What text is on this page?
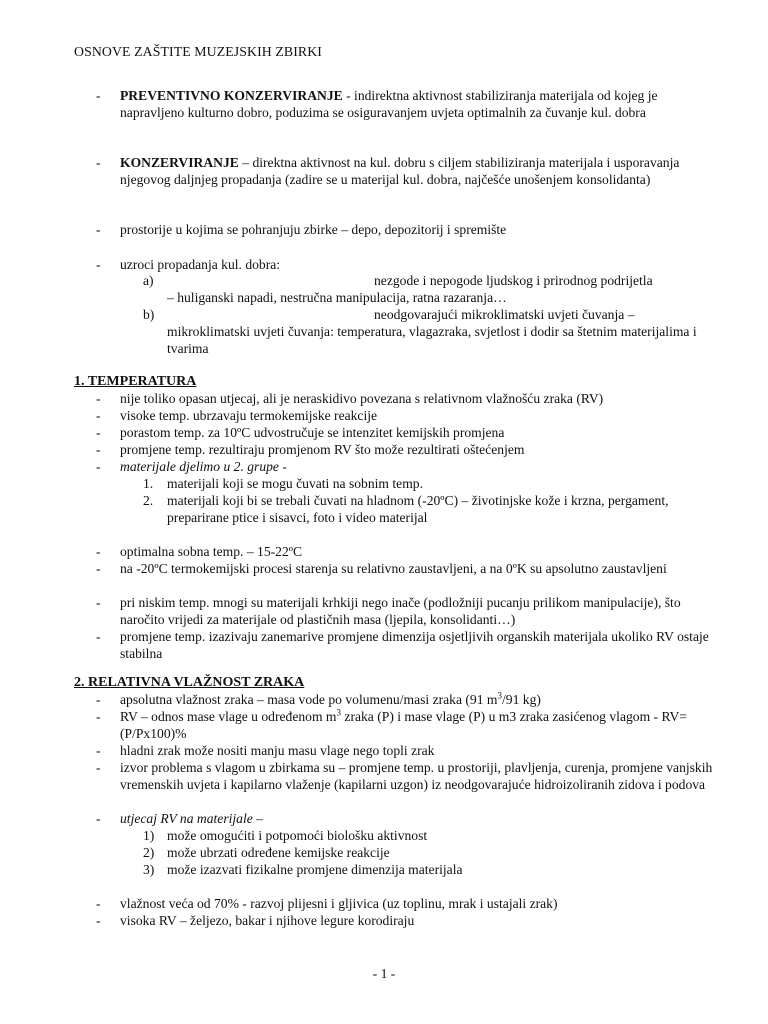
OSNOVE ZAŠTITE MUZEJSKIH ZBIRKI
-	PREVENTIVNO KONZERVIRANJE - indirektna aktivnost stabiliziranja materijala od kojeg je napravljeno kulturno dobro, poduzima se osiguravanjem uvjeta optimalnih za čuvanje kul. dobra
-	KONZERVIRANJE – direktna aktivnost na kul. dobru s ciljem stabiliziranja materijala i usporavanja njegovog daljnjeg propadanja (zadire se u materijal kul. dobra, najčešće unošenjem konsolidanta)
-	prostorije u kojima se pohranjuju zbirke – depo, depozitorij i spremište
-	uzroci propadanja kul. dobra:
a)	nezgode i nepogode ljudskog i prirodnog podrijetla
– huliganski napadi, nestručna manipulacija, ratna razaranja…
b)	neodgovarajući mikroklimatski uvjeti čuvanja –
mikroklimatski uvjeti čuvanja: temperatura, vlagazraka, svjetlost i dodir sa štetnim materijalima i tvarima
1. TEMPERATURA
-	nije toliko opasan utjecaj, ali je neraskidivo povezana s relativnom vlažnošću zraka (RV)
-	visoke temp. ubrzavaju termokemijske reakcije
-	porastom temp. za 10ºC udvostručuje se intenzitet kemijskih promjena
-	promjene temp. rezultiraju promjenom RV što može rezultirati oštećenjem
-	materijale djelimo u 2. grupe -
1. materijali koji se mogu čuvati na sobnim temp.
2. materijali koji bi se trebali čuvati na hladnom (-20ºC) – životinjske kože i krzna, pergament, preparirane ptice i sisavci, foto i video materijal
-	optimalna sobna temp. – 15-22ºC
-	na -20ºC termokemijski procesi starenja su relativno zaustavljeni, a na 0ºK su apsolutno zaustavljeni
-	pri niskim temp. mnogi su materijali krhkiji nego inače (podložniji pucanju prilikom manipulacije), što naročito vrijedi za materijale od plastičnih masa (ljepila, konsolidanti…)
-	promjene temp. izazivaju zanemarive promjene dimenzija osjetljivih organskih materijala ukoliko RV ostaje stabilna
2. RELATIVNA VLAŽNOST ZRAKA
-	apsolutna vlažnost zraka – masa vode po volumenu/masi zraka (91 $m^3/91$ kg)
-	RV – odnos mase vlage u određenom $m^3$ zraka (P) i mase vlage (P) u m3 zraka zasićenog vlagom - RV=(P/Px100)%
-	hladni zrak može nositi manju masu vlage nego topli zrak
-	izvor problema s vlagom u zbirkama su – promjene temp. u prostoriji, plavljenja, curenja, promjene vanjskih vremenskih uvjeta i kapilarno vlaženje (kapilarni uzgon) iz neodgovarajuće hidroizoliranih zidova i podova
-	utjecaj RV na materijale –
1) može omogućiti i potpomoći biološku aktivnost
2) može ubrzati određene kemijske reakcije
3) može izazvati fizikalne promjene dimenzija materijala
-	vlažnost veća od 70% - razvoj plijesni i gljivica (uz toplinu, mrak i ustajali zrak)
-	visoka RV – željezo, bakar i njihove legure korodiraju
- 1 -
